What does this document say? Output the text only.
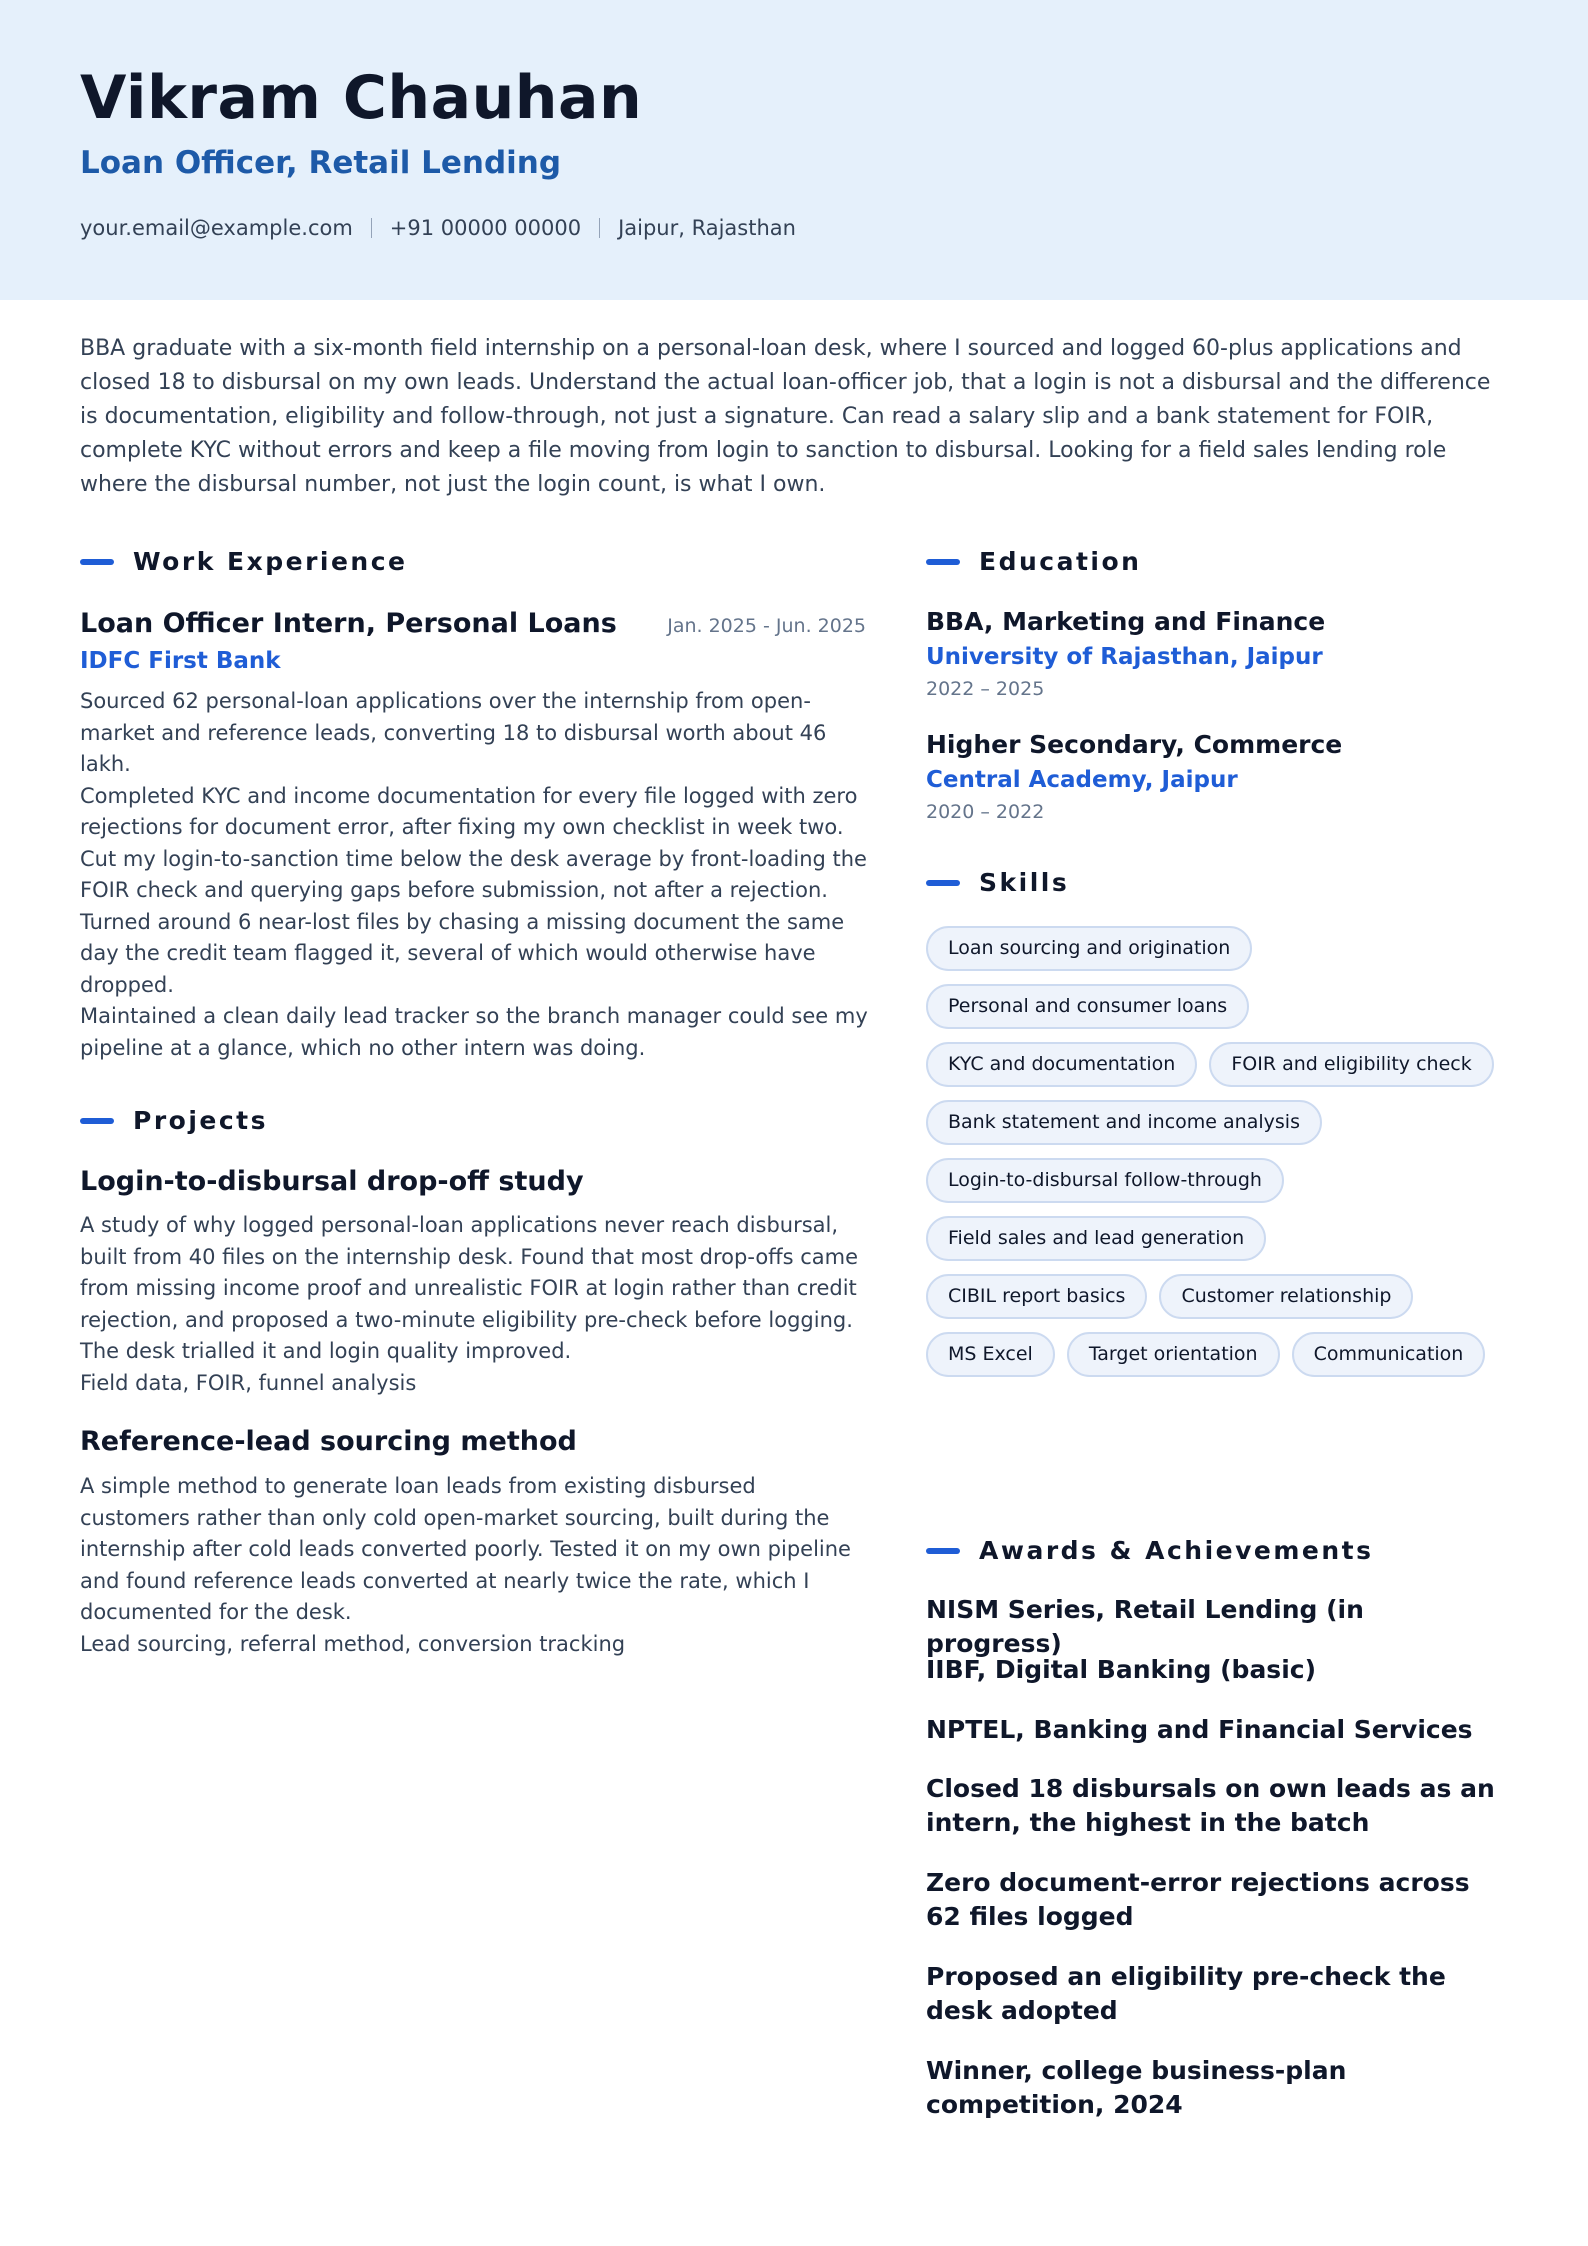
Vikram Chauhan
Loan Officer, Retail Lending
your.email@example.com +91 00000 00000 Jaipur, Rajasthan

BBA graduate with a six-month field internship on a personal-loan desk, where I sourced and logged 60-plus applications and closed 18 to disbursal on my own leads. Understand the actual loan-officer job, that a login is not a disbursal and the difference is documentation, eligibility and follow-through, not just a signature. Can read a salary slip and a bank statement for FOIR, complete KYC without errors and keep a file moving from login to sanction to disbursal. Looking for a field sales lending role where the disbursal number, not just the login count, is what I own.

Work Experience
Loan Officer Intern, Personal Loans	Jan. 2025 - Jun. 2025
IDFC First Bank
Sourced 62 personal-loan applications over the internship from open-market and reference leads, converting 18 to disbursal worth about 46 lakh.
Completed KYC and income documentation for every file logged with zero rejections for document error, after fixing my own checklist in week two.
Cut my login-to-sanction time below the desk average by front-loading the FOIR check and querying gaps before submission, not after a rejection.
Turned around 6 near-lost files by chasing a missing document the same day the credit team flagged it, several of which would otherwise have dropped.
Maintained a clean daily lead tracker so the branch manager could see my pipeline at a glance, which no other intern was doing.
Projects
Login-to-disbursal drop-off study
A study of why logged personal-loan applications never reach disbursal, built from 40 files on the internship desk. Found that most drop-offs came from missing income proof and unrealistic FOIR at login rather than credit rejection, and proposed a two-minute eligibility pre-check before logging. The desk trialled it and login quality improved.
Field data, FOIR, funnel analysis
Reference-lead sourcing method
A simple method to generate loan leads from existing disbursed customers rather than only cold open-market sourcing, built during the internship after cold leads converted poorly. Tested it on my own pipeline and found reference leads converted at nearly twice the rate, which I documented for the desk.
Lead sourcing, referral method, conversion tracking
Education
BBA, Marketing and Finance
University of Rajasthan, Jaipur
2022 – 2025
Higher Secondary, Commerce
Central Academy, Jaipur
2020 – 2022
Skills
Loan sourcing and origination
Personal and consumer loans
KYC and documentation	FOIR and eligibility check
Bank statement and income analysis
Login-to-disbursal follow-through
Field sales and lead generation
CIBIL report basics	Customer relationship
MS Excel	Target orientation	Communication
Awards & Achievements
NISM Series, Retail Lending (in progress)
IIBF, Digital Banking (basic)
NPTEL, Banking and Financial Services
Closed 18 disbursals on own leads as an intern, the highest in the batch
Zero document-error rejections across 62 files logged
Proposed an eligibility pre-check the desk adopted
Winner, college business-plan competition, 2024
